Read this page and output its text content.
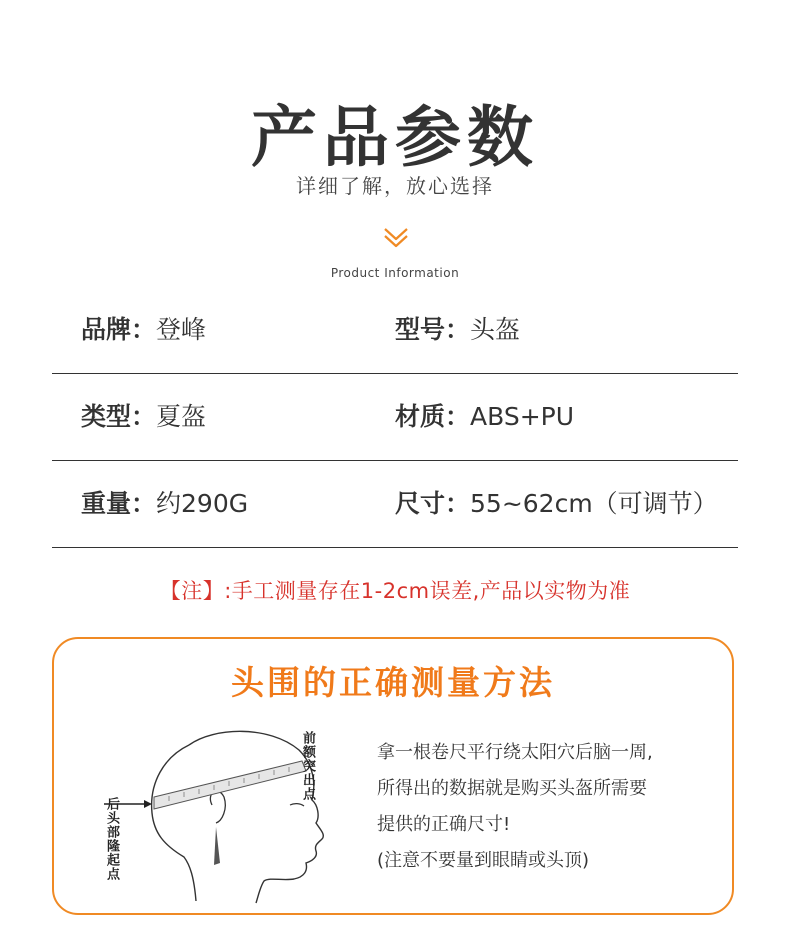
产品参数
详细了解，放心选择
Product Information
品牌：登峰	型号：头盔
类型：夏盔	材质：ABS+PU
重量：约290G	尺寸：55~62cm（可调节）
【注】:手工测量存在1-2cm误差,产品以实物为准
头围的正确测量方法
前额突出点
后头部隆起点
拿一根卷尺平行绕太阳穴后脑一周,
所得出的数据就是购买头盔所需要
提供的正确尺寸!
(注意不要量到眼睛或头顶)
